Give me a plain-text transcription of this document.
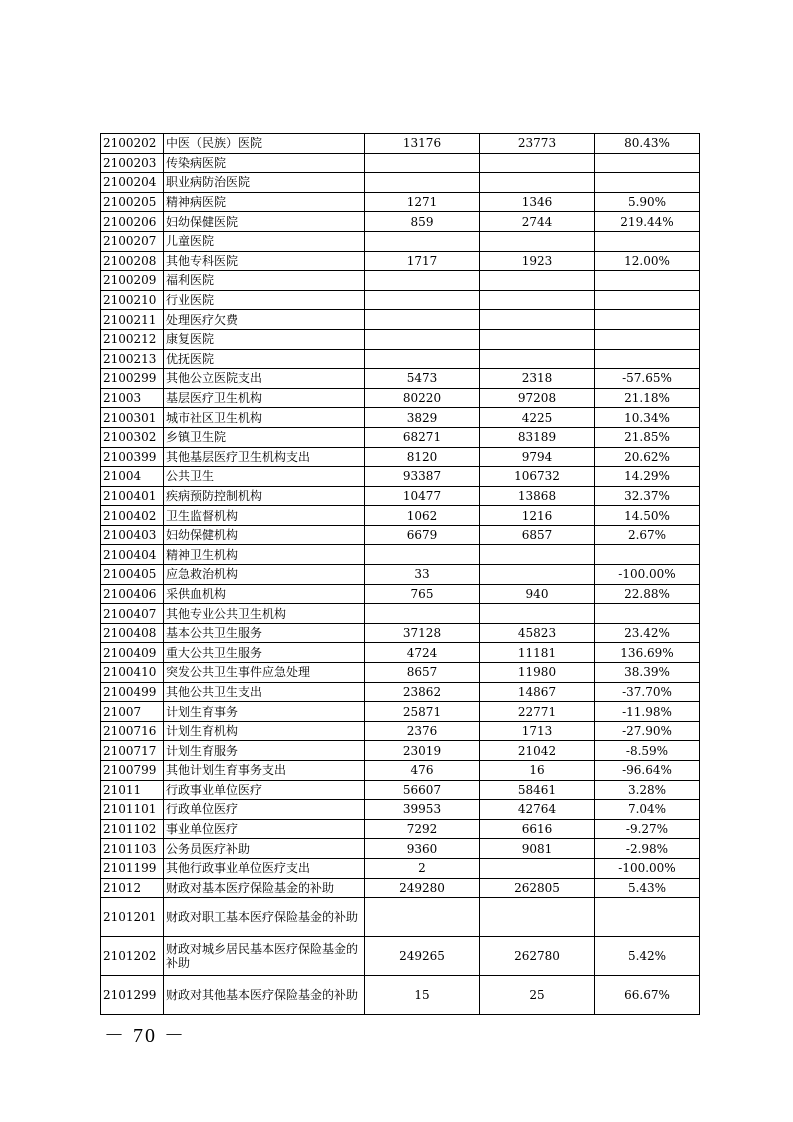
2100202	中医（民族）医院	13176	23773	80.43%
2100203	传染病医院			
2100204	职业病防治医院			
2100205	精神病医院	1271	1346	5.90%
2100206	妇幼保健医院	859	2744	219.44%
2100207	儿童医院			
2100208	其他专科医院	1717	1923	12.00%
2100209	福利医院			
2100210	行业医院			
2100211	处理医疗欠费			
2100212	康复医院			
2100213	优抚医院			
2100299	其他公立医院支出	5473	2318	-57.65%
21003	基层医疗卫生机构	80220	97208	21.18%
2100301	城市社区卫生机构	3829	4225	10.34%
2100302	乡镇卫生院	68271	83189	21.85%
2100399	其他基层医疗卫生机构支出	8120	9794	20.62%
21004	公共卫生	93387	106732	14.29%
2100401	疾病预防控制机构	10477	13868	32.37%
2100402	卫生监督机构	1062	1216	14.50%
2100403	妇幼保健机构	6679	6857	2.67%
2100404	精神卫生机构			
2100405	应急救治机构	33		-100.00%
2100406	采供血机构	765	940	22.88%
2100407	其他专业公共卫生机构			
2100408	基本公共卫生服务	37128	45823	23.42%
2100409	重大公共卫生服务	4724	11181	136.69%
2100410	突发公共卫生事件应急处理	8657	11980	38.39%
2100499	其他公共卫生支出	23862	14867	-37.70%
21007	计划生育事务	25871	22771	-11.98%
2100716	计划生育机构	2376	1713	-27.90%
2100717	计划生育服务	23019	21042	-8.59%
2100799	其他计划生育事务支出	476	16	-96.64%
21011	行政事业单位医疗	56607	58461	3.28%
2101101	行政单位医疗	39953	42764	7.04%
2101102	事业单位医疗	7292	6616	-9.27%
2101103	公务员医疗补助	9360	9081	-2.98%
2101199	其他行政事业单位医疗支出	2		-100.00%
21012	财政对基本医疗保险基金的补助	249280	262805	5.43%
2101201	财政对职工基本医疗保险基金的补助			
2101202	财政对城乡居民基本医疗保险基金的补助	249265	262780	5.42%
2101299	财政对其他基本医疗保险基金的补助	15	25	66.67%
－ 70 －
